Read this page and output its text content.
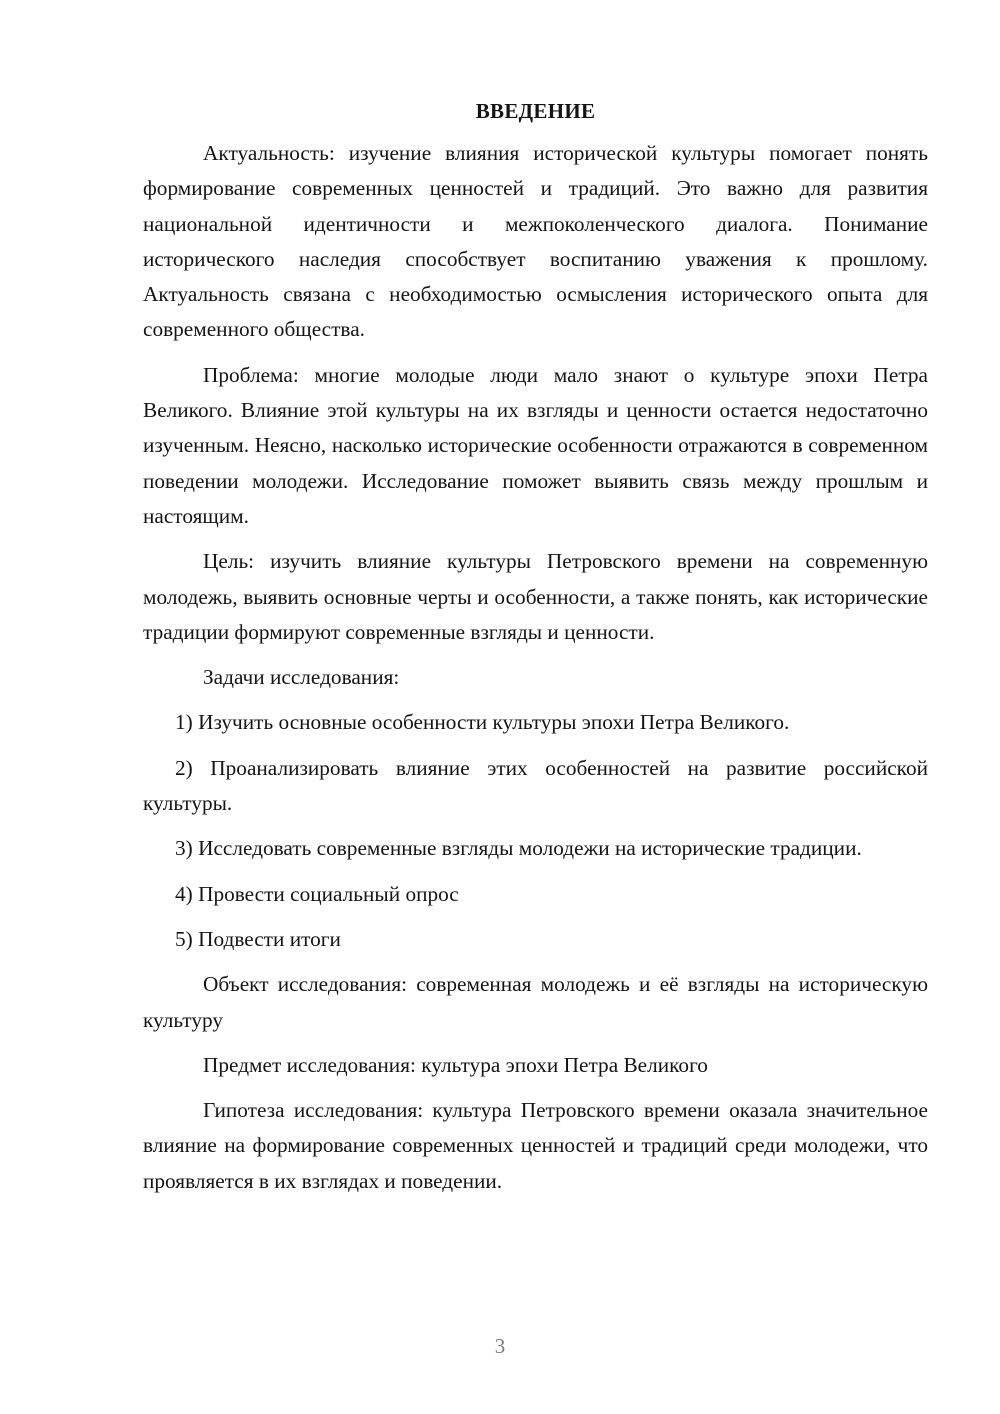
ВВЕДЕНИЕ

Актуальность: изучение влияния исторической культуры помогает понять формирование современных ценностей и традиций. Это важно для развития национальной идентичности и межпоколенческого диалога. Понимание исторического наследия способствует воспитанию уважения к прошлому. Актуальность связана с необходимостью осмысления исторического опыта для современного общества.

Проблема: многие молодые люди мало знают о культуре эпохи Петра Великого. Влияние этой культуры на их взгляды и ценности остается недостаточно изученным. Неясно, насколько исторические особенности отражаются в современном поведении молодежи. Исследование поможет выявить связь между прошлым и настоящим.

Цель: изучить влияние культуры Петровского времени на современную молодежь, выявить основные черты и особенности, а также понять, как исторические традиции формируют современные взгляды и ценности.

Задачи исследования:

1) Изучить основные особенности культуры эпохи Петра Великого.

2) Проанализировать влияние этих особенностей на развитие российской культуры.

3) Исследовать современные взгляды молодежи на исторические традиции.

4) Провести социальный опрос

5) Подвести итоги

Объект исследования: современная молодежь и её взгляды на историческую культуру

Предмет исследования: культура эпохи Петра Великого

Гипотеза исследования: культура Петровского времени оказала значительное влияние на формирование современных ценностей и традиций среди молодежи, что проявляется в их взглядах и поведении.

3
